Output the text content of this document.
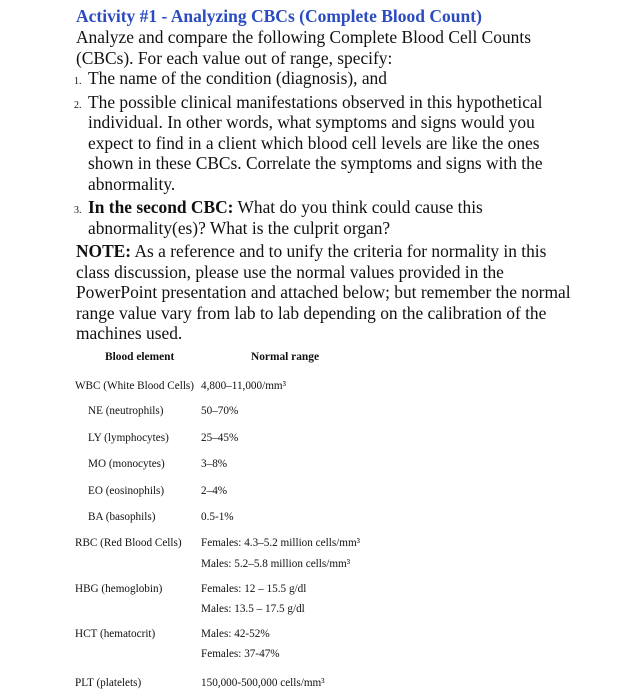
Activity #1 - Analyzing CBCs (Complete Blood Count)

Analyze and compare the following Complete Blood Cell Counts (CBCs). For each value out of range, specify:

1. The name of the condition (diagnosis), and
2. The possible clinical manifestations observed in this hypothetical individual. In other words, what symptoms and signs would you expect to find in a client which blood cell levels are like the ones shown in these CBCs. Correlate the symptoms and signs with the abnormality.
3. In the second CBC: What do you think could cause this abnormality(es)? What is the culprit organ?

NOTE: As a reference and to unify the criteria for normality in this class discussion, please use the normal values provided in the PowerPoint presentation and attached below; but remember the normal range value vary from lab to lab depending on the calibration of the machines used.

Blood element	Normal range
WBC (White Blood Cells) 4,800–11,000/mm³
NE (neutrophils)	50–70%
LY (lymphocytes)	25–45%
MO (monocytes)	3–8%
EO (eosinophils)	2–4%
BA (basophils)	0.5-1%
RBC (Red Blood Cells) Females: 4.3–5.2 million cells/mm³
Males: 5.2–5.8 million cells/mm³
HBG (hemoglobin)	Females: 12 – 15.5 g/dl
Males: 13.5 – 17.5 g/dl
HCT (hematocrit)	Males: 42-52%
Females: 37-47%
PLT (platelets)	150,000-500,000 cells/mm³
